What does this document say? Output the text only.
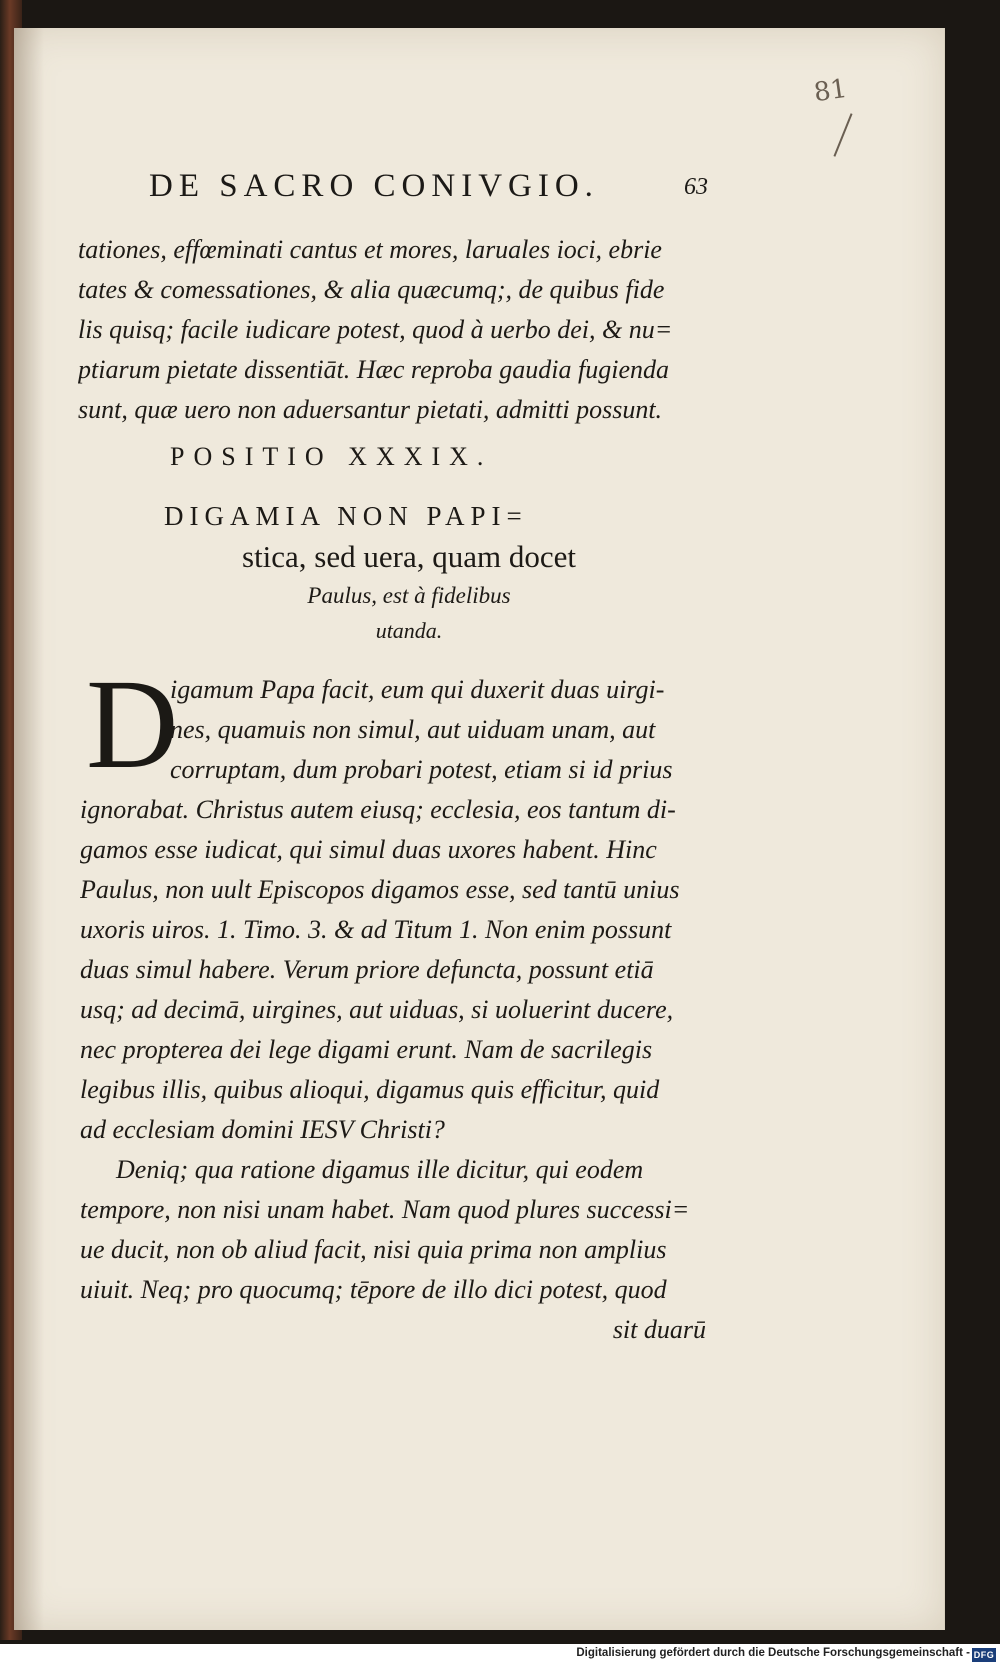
81
DE SACRO CONIVGIO.	63
tationes, effœminati cantus et mores, laruales ioci, ebrie
tates & comessationes, & alia quæcumq;, de quibus fide
lis quisq; facile iudicare potest, quod à uerbo dei, & nu=
ptiarum pietate dissentiāt. Hæc reproba gaudia fugienda
sunt, quæ uero non aduersantur pietati, admitti possunt.
POSITIO XXXIX.
DIGAMIA NON PAPI=
stica, sed uera, quam docet
Paulus, est à fidelibus
utanda.
D
igamum Papa facit, eum qui duxerit duas uirgi-
nes, quamuis non simul, aut uiduam unam, aut
corruptam, dum probari potest, etiam si id prius
ignorabat. Christus autem eiusq; ecclesia, eos tantum di-
gamos esse iudicat, qui simul duas uxores habent. Hinc
Paulus, non uult Episcopos digamos esse, sed tantū unius
uxoris uiros. 1. Timo. 3. & ad Titum 1. Non enim possunt
duas simul habere. Verum priore defuncta, possunt etiā
usq; ad decimā, uirgines, aut uiduas, si uoluerint ducere,
nec propterea dei lege digami erunt. Nam de sacrilegis
legibus illis, quibus alioqui, digamus quis efficitur, quid
ad ecclesiam domini IESV Christi?
Deniq; qua ratione digamus ille dicitur, qui eodem
tempore, non nisi unam habet. Nam quod plures successi=
ue ducit, non ob aliud facit, nisi quia prima non amplius
uiuit. Neq; pro quocumq; tēpore de illo dici potest, quod
sit duarū
Digitalisierung gefördert durch die Deutsche Forschungsgemeinschaft - DFG
